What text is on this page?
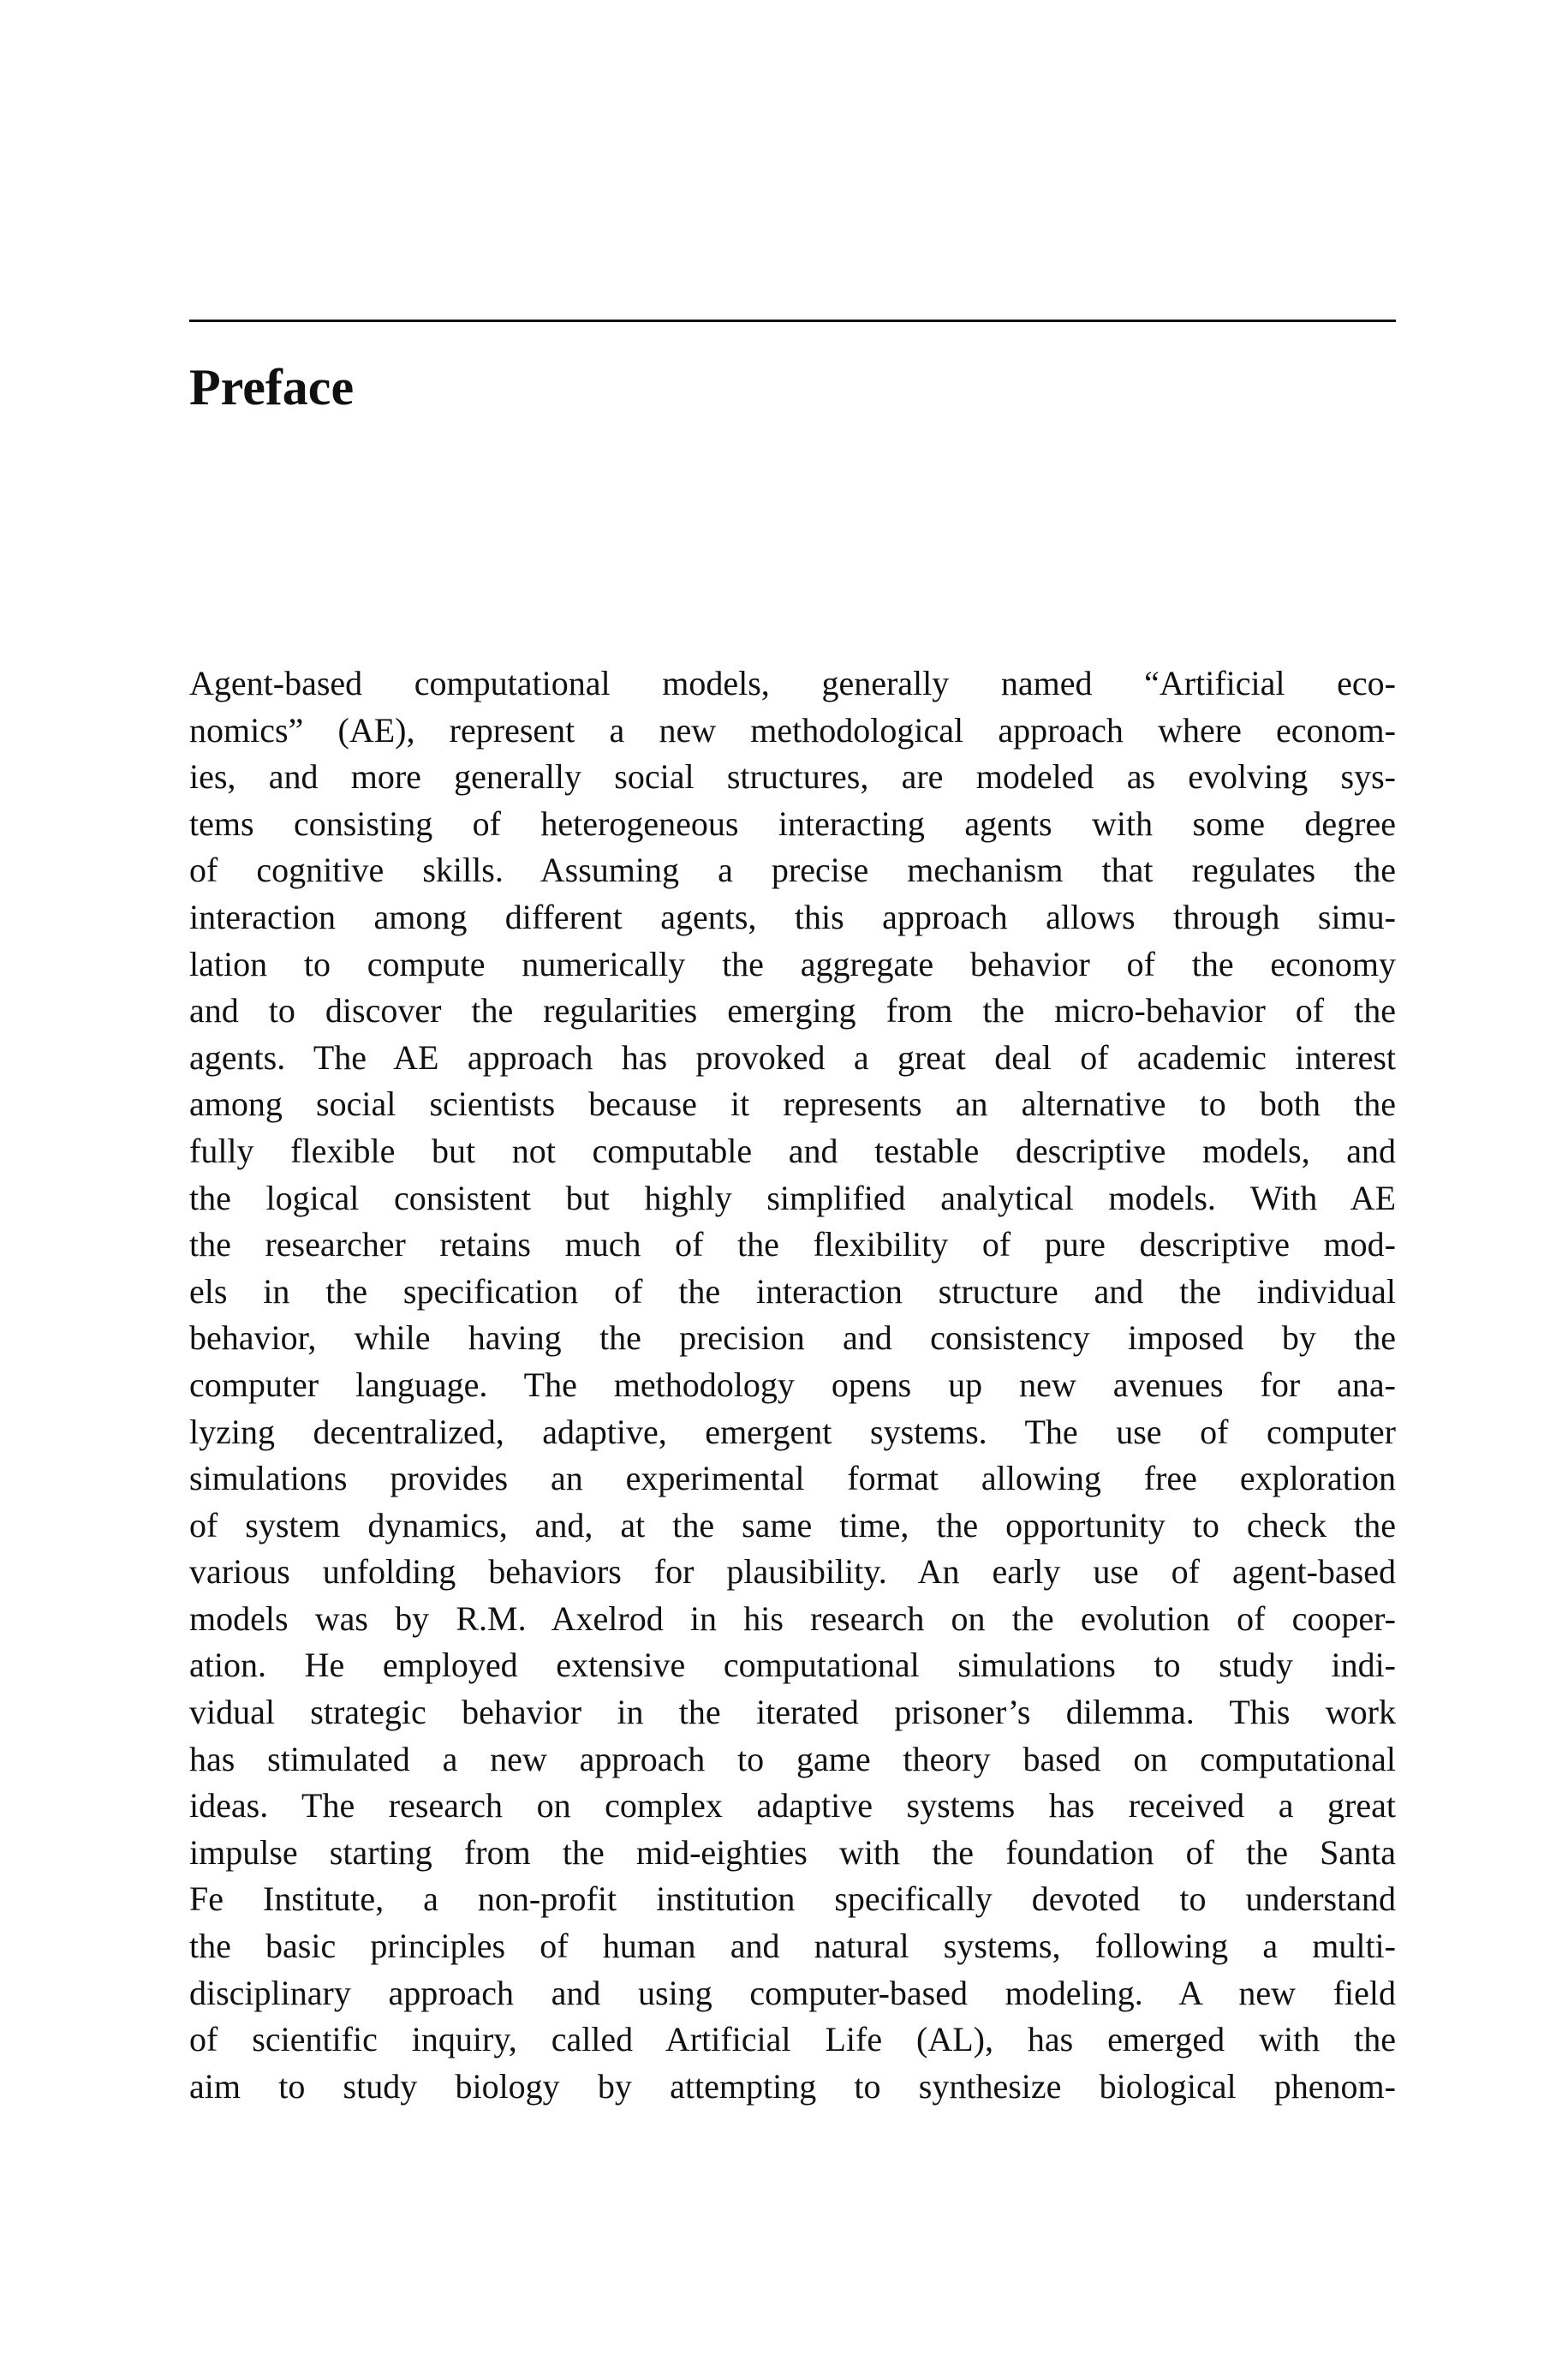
Preface
Agent-based computational models, generally named “Artificial eco-
nomics” (AE), represent a new methodological approach where econom-
ies, and more generally social structures, are modeled as evolving sys-
tems consisting of heterogeneous interacting agents with some degree
of cognitive skills. Assuming a precise mechanism that regulates the
interaction among different agents, this approach allows through simu-
lation to compute numerically the aggregate behavior of the economy
and to discover the regularities emerging from the micro-behavior of the
agents. The AE approach has provoked a great deal of academic interest
among social scientists because it represents an alternative to both the
fully flexible but not computable and testable descriptive models, and
the logical consistent but highly simplified analytical models. With AE
the researcher retains much of the flexibility of pure descriptive mod-
els in the specification of the interaction structure and the individual
behavior, while having the precision and consistency imposed by the
computer language. The methodology opens up new avenues for ana-
lyzing decentralized, adaptive, emergent systems. The use of computer
simulations provides an experimental format allowing free exploration
of system dynamics, and, at the same time, the opportunity to check the
various unfolding behaviors for plausibility. An early use of agent-based
models was by R.M. Axelrod in his research on the evolution of cooper-
ation. He employed extensive computational simulations to study indi-
vidual strategic behavior in the iterated prisoner’s dilemma. This work
has stimulated a new approach to game theory based on computational
ideas. The research on complex adaptive systems has received a great
impulse starting from the mid-eighties with the foundation of the Santa
Fe Institute, a non-profit institution specifically devoted to understand
the basic principles of human and natural systems, following a multi-
disciplinary approach and using computer-based modeling. A new field
of scientific inquiry, called Artificial Life (AL), has emerged with the
aim to study biology by attempting to synthesize biological phenom-
